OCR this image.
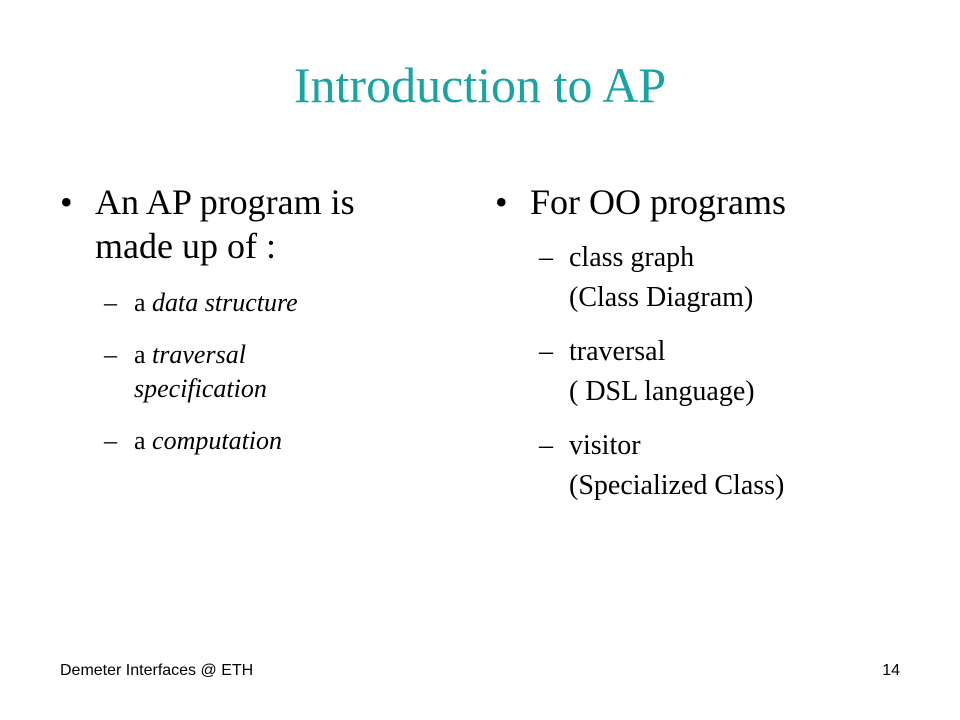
Introduction to AP
• An AP program is
made up of :
– a data structure
– a traversal
specification
– a computation
• For OO programs
– class graph
(Class Diagram)
– traversal
( DSL language)
– visitor
(Specialized Class)
Demeter Interfaces @ ETH	14
